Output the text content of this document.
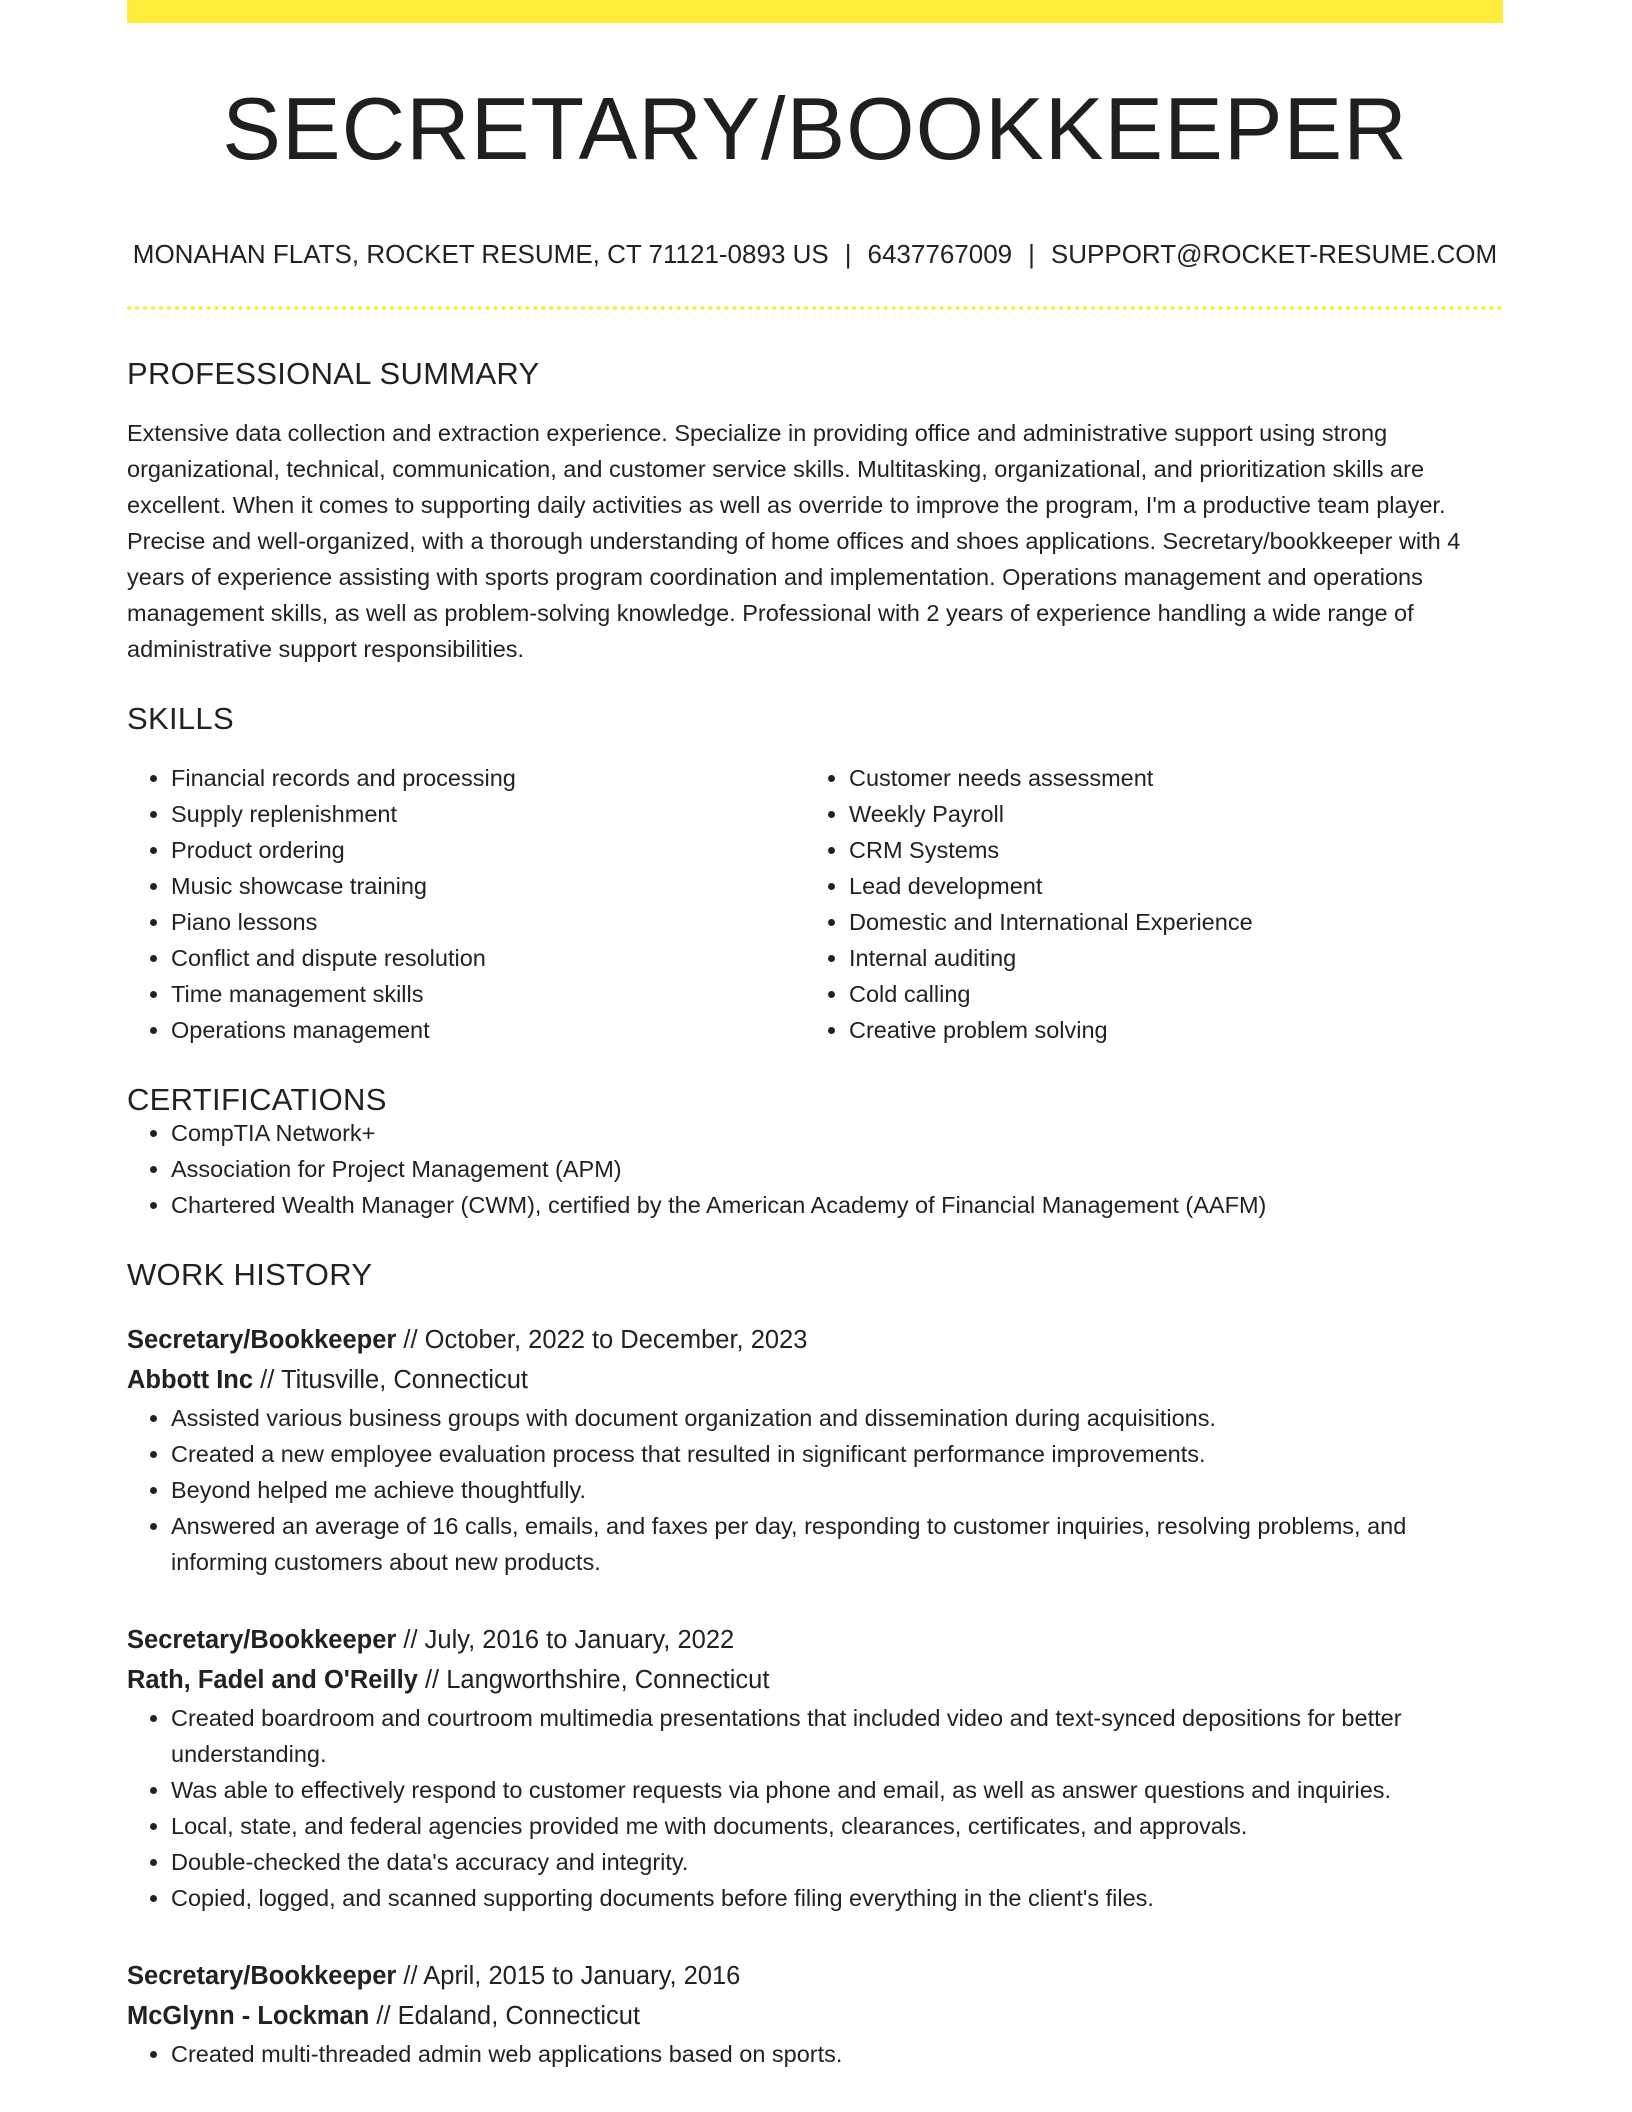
SECRETARY/BOOKKEEPER
MONAHAN FLATS, ROCKET RESUME, CT 71121-0893 US | 6437767009 | SUPPORT@ROCKET-RESUME.COM
PROFESSIONAL SUMMARY

Extensive data collection and extraction experience. Specialize in providing office and administrative support using strong organizational, technical, communication, and customer service skills. Multitasking, organizational, and prioritization skills are excellent. When it comes to supporting daily activities as well as override to improve the program, I'm a productive team player. Precise and well-organized, with a thorough understanding of home offices and shoes applications. Secretary/bookkeeper with 4 years of experience assisting with sports program coordination and implementation. Operations management and operations management skills, as well as problem-solving knowledge. Professional with 2 years of experience handling a wide range of administrative support responsibilities.

SKILLS
• Financial records and processing
• Supply replenishment
• Product ordering
• Music showcase training
• Piano lessons
• Conflict and dispute resolution
• Time management skills
• Operations management
• Customer needs assessment
• Weekly Payroll
• CRM Systems
• Lead development
• Domestic and International Experience
• Internal auditing
• Cold calling
• Creative problem solving
CERTIFICATIONS
• CompTIA Network+
• Association for Project Management (APM)
• Chartered Wealth Manager (CWM), certified by the American Academy of Financial Management (AAFM)
WORK HISTORY
Secretary/Bookkeeper // October, 2022 to December, 2023
Abbott Inc // Titusville, Connecticut
• Assisted various business groups with document organization and dissemination during acquisitions.
• Created a new employee evaluation process that resulted in significant performance improvements.
• Beyond helped me achieve thoughtfully.
• Answered an average of 16 calls, emails, and faxes per day, responding to customer inquiries, resolving problems, and informing customers about new products.
Secretary/Bookkeeper // July, 2016 to January, 2022
Rath, Fadel and O'Reilly // Langworthshire, Connecticut
• Created boardroom and courtroom multimedia presentations that included video and text-synced depositions for better understanding.
• Was able to effectively respond to customer requests via phone and email, as well as answer questions and inquiries.
• Local, state, and federal agencies provided me with documents, clearances, certificates, and approvals.
• Double-checked the data's accuracy and integrity.
• Copied, logged, and scanned supporting documents before filing everything in the client's files.
Secretary/Bookkeeper // April, 2015 to January, 2016
McGlynn - Lockman // Edaland, Connecticut
• Created multi-threaded admin web applications based on sports.
